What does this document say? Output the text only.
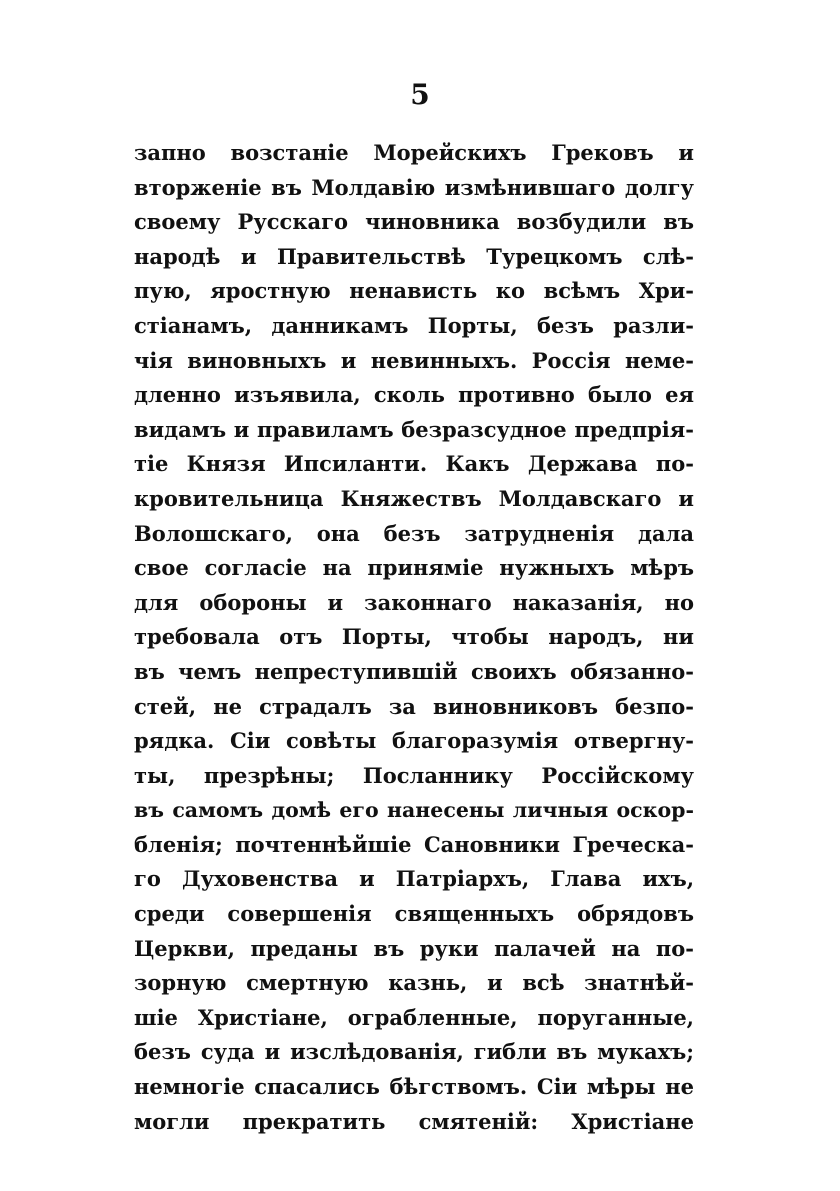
5
запно возстаніе Морейскихъ Грековъ и
вторженіе въ Молдавію измѣнившаго долгу
своему Русскаго чиновника возбудили въ
народѣ и Правительствѣ Турецкомъ слѣ-
пую, яростную ненависть ко всѣмъ Хри-
стіанамъ, данникамъ Порты, безъ разли-
чія виновныхъ и невинныхъ. Россія неме-
дленно изъявила, сколь противно было ея
видамъ и правиламъ безразсудное предпрія-
тіе Князя Ипсиланти. Какъ Держава по-
кровительница Княжествъ Молдавскаго и
Волошскаго, она безъ затрудненія дала
свое согласіе на приняміе нужныхъ мѣръ
для обороны и законнаго наказанія, но
требовала отъ Порты, чтобы народъ, ни
въ чемъ непреступившій своихъ обязанно-
стей, не страдалъ за виновниковъ безпо-
рядка. Сіи совѣты благоразумія отвергну-
ты, презрѣны; Посланнику Россійскому
въ самомъ домѣ его нанесены личныя оскор-
бленія; почтеннѣйшіе Сановники Греческа-
го Духовенства и Патріархъ, Глава ихъ,
среди совершенія священныхъ обрядовъ
Церкви, преданы въ руки палачей на по-
зорную смертную казнь, и всѣ знатнѣй-
шіе Христіане, ограбленные, поруганные,
безъ суда и изслѣдованія, гибли въ мукахъ;
немногіе спасались бѣгствомъ. Сіи мѣры не
могли прекратить смятеній: Христіане
